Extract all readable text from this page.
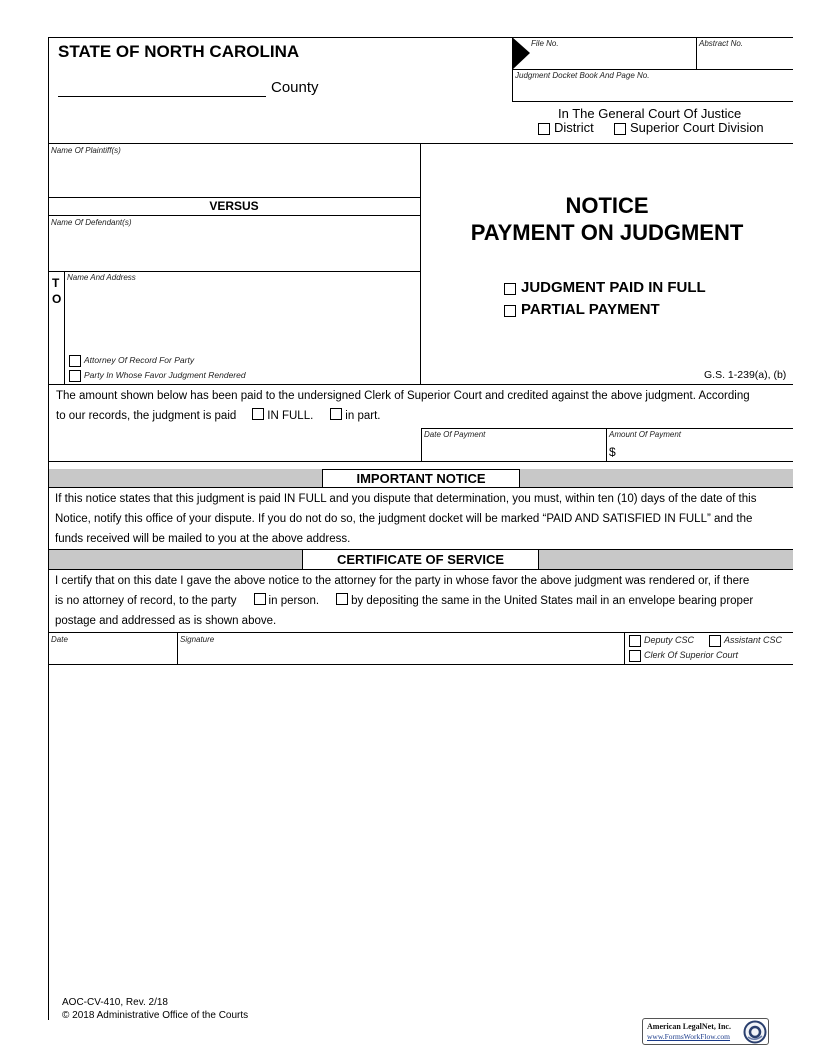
STATE OF NORTH CAROLINA
County
File No.	Abstract No.
Judgment Docket Book And Page No.
In The General Court Of Justice
District	Superior Court Division
Name Of Plaintiff(s)
VERSUS
Name Of Defendant(s)
T
O
Name And Address
Attorney Of Record For Party
Party In Whose Favor Judgment Rendered
NOTICE
PAYMENT ON JUDGMENT
JUDGMENT PAID IN FULL
PARTIAL PAYMENT
G.S. 1-239(a), (b)
The amount shown below has been paid to the undersigned Clerk of Superior Court and credited against the above judgment. According
to our records, the judgment is paid	IN FULL.	in part.
Date Of Payment	Amount Of Payment
$
IMPORTANT NOTICE
If this notice states that this judgment is paid IN FULL and you dispute that determination, you must, within ten (10) days of the date of this
Notice, notify this office of your dispute. If you do not do so, the judgment docket will be marked “PAID AND SATISFIED IN FULL” and the
funds received will be mailed to you at the above address.
CERTIFICATE OF SERVICE
I certify that on this date I gave the above notice to the attorney for the party in whose favor the above judgment was rendered or, if there
is no attorney of record, to the party	in person.	by depositing the same in the United States mail in an envelope bearing proper
postage and addressed as is shown above.
Date	Signature	Deputy CSC	Assistant CSC
Clerk Of Superior Court
AOC-CV-410, Rev. 2/18
© 2018 Administrative Office of the Courts
American LegalNet, Inc.
www.FormsWorkFlow.com
